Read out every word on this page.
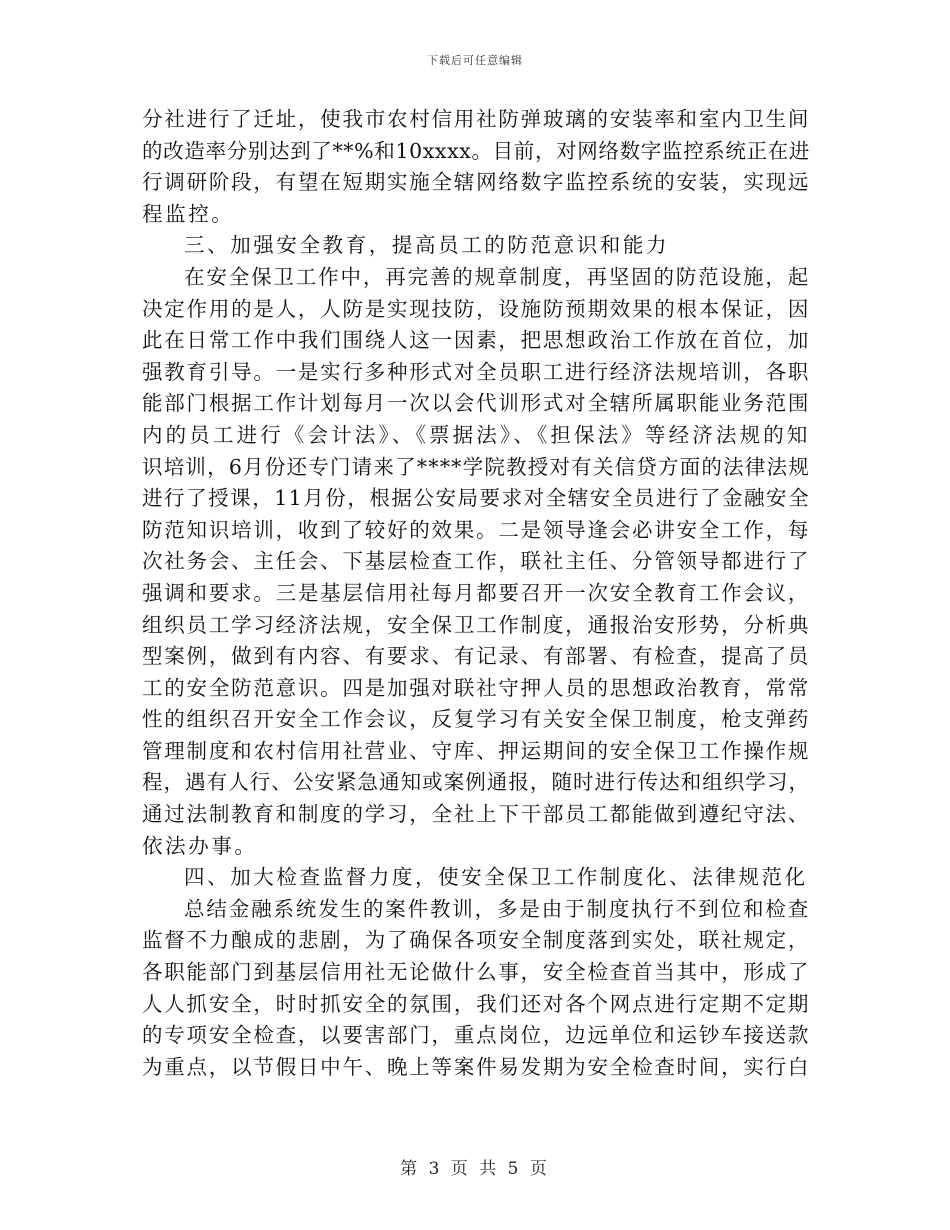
下载后可任意编辑
分社进行了迁址，使我市农村信用社防弹玻璃的安装率和室内卫生间
的改造率分别达到了**%和10xxxx。目前，对网络数字监控系统正在进
行调研阶段，有望在短期实施全辖网络数字监控系统的安装，实现远
程监控。
三、加强安全教育，提高员工的防范意识和能力
在安全保卫工作中，再完善的规章制度，再坚固的防范设施，起
决定作用的是人，人防是实现技防，设施防预期效果的根本保证，因
此在日常工作中我们围绕人这一因素，把思想政治工作放在首位，加
强教育引导。一是实行多种形式对全员职工进行经济法规培训，各职
能部门根据工作计划每月一次以会代训形式对全辖所属职能业务范围
内的员工进行《会计法》、《票据法》、《担保法》等经济法规的知
识培训，6月份还专门请来了****学院教授对有关信贷方面的法律法规
进行了授课，11月份，根据公安局要求对全辖安全员进行了金融安全
防范知识培训，收到了较好的效果。二是领导逢会必讲安全工作，每
次社务会、主任会、下基层检查工作，联社主任、分管领导都进行了
强调和要求。三是基层信用社每月都要召开一次安全教育工作会议，
组织员工学习经济法规，安全保卫工作制度，通报治安形势，分析典
型案例，做到有内容、有要求、有记录、有部署、有检查，提高了员
工的安全防范意识。四是加强对联社守押人员的思想政治教育，常常
性的组织召开安全工作会议，反复学习有关安全保卫制度，枪支弹药
管理制度和农村信用社营业、守库、押运期间的安全保卫工作操作规
程，遇有人行、公安紧急通知或案例通报，随时进行传达和组织学习，
通过法制教育和制度的学习，全社上下干部员工都能做到遵纪守法、
依法办事。
四、加大检查监督力度，使安全保卫工作制度化、法律规范化
总结金融系统发生的案件教训，多是由于制度执行不到位和检查
监督不力酿成的悲剧，为了确保各项安全制度落到实处，联社规定，
各职能部门到基层信用社无论做什么事，安全检查首当其中，形成了
人人抓安全，时时抓安全的氛围，我们还对各个网点进行定期不定期
的专项安全检查，以要害部门，重点岗位，边远单位和运钞车接送款
为重点，以节假日中午、晚上等案件易发期为安全检查时间，实行白
第 3 页 共 5 页
